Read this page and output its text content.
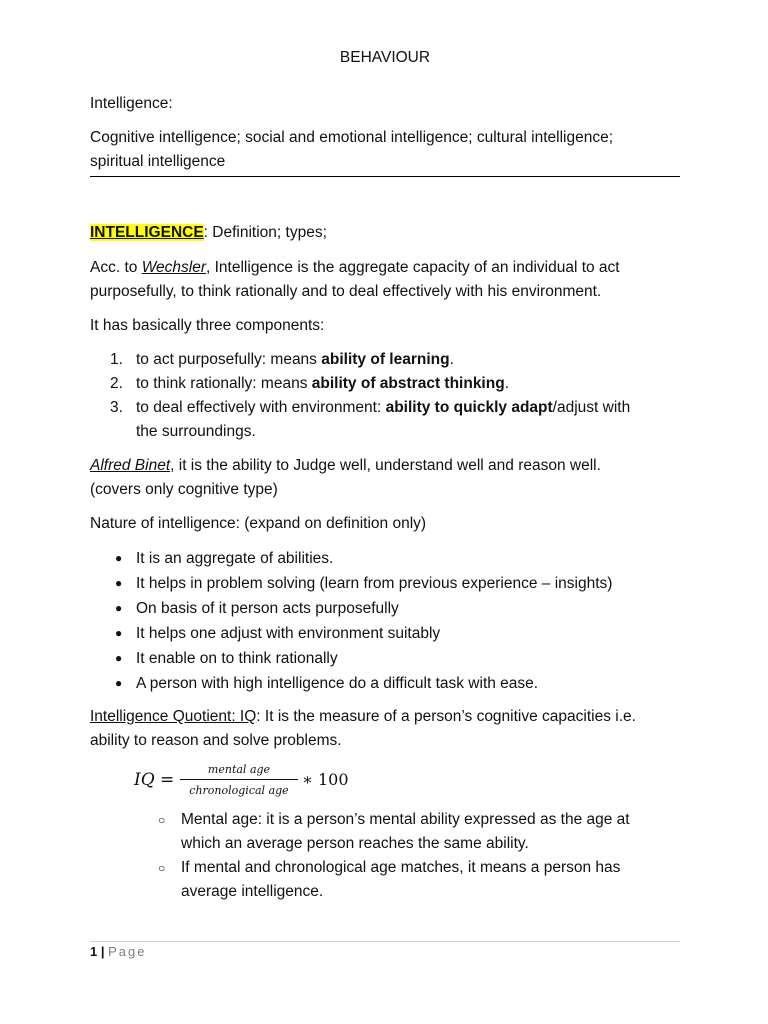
BEHAVIOUR

Intelligence:

Cognitive intelligence; social and emotional intelligence; cultural intelligence;

spiritual intelligence

INTELLIGENCE: Definition; types;

Acc. to Wechsler, Intelligence is the aggregate capacity of an individual to act

purposefully, to think rationally and to deal effectively with his environment.

It has basically three components:

1. to act purposefully: means ability of learning.
2. to think rationally: means ability of abstract thinking.
3. to deal effectively with environment: ability to quickly adapt/adjust with
the surroundings.

Alfred Binet, it is the ability to Judge well, understand well and reason well.

(covers only cognitive type)

Nature of intelligence: (expand on definition only)

● It is an aggregate of abilities.
● It helps in problem solving (learn from previous experience – insights)
● On basis of it person acts purposefully
● It helps one adjust with environment suitably
● It enable on to think rationally
● A person with high intelligence do a difficult task with ease.

Intelligence Quotient: IQ: It is the measure of a person’s cognitive capacities i.e.

ability to reason and solve problems.

IQ =
mental age
chronological age
∗ 100
○ Mental age: it is a person’s mental ability expressed as the age at
which an average person reaches the same ability.
○ If mental and chronological age matches, it means a person has
average intelligence.
1 | Page
